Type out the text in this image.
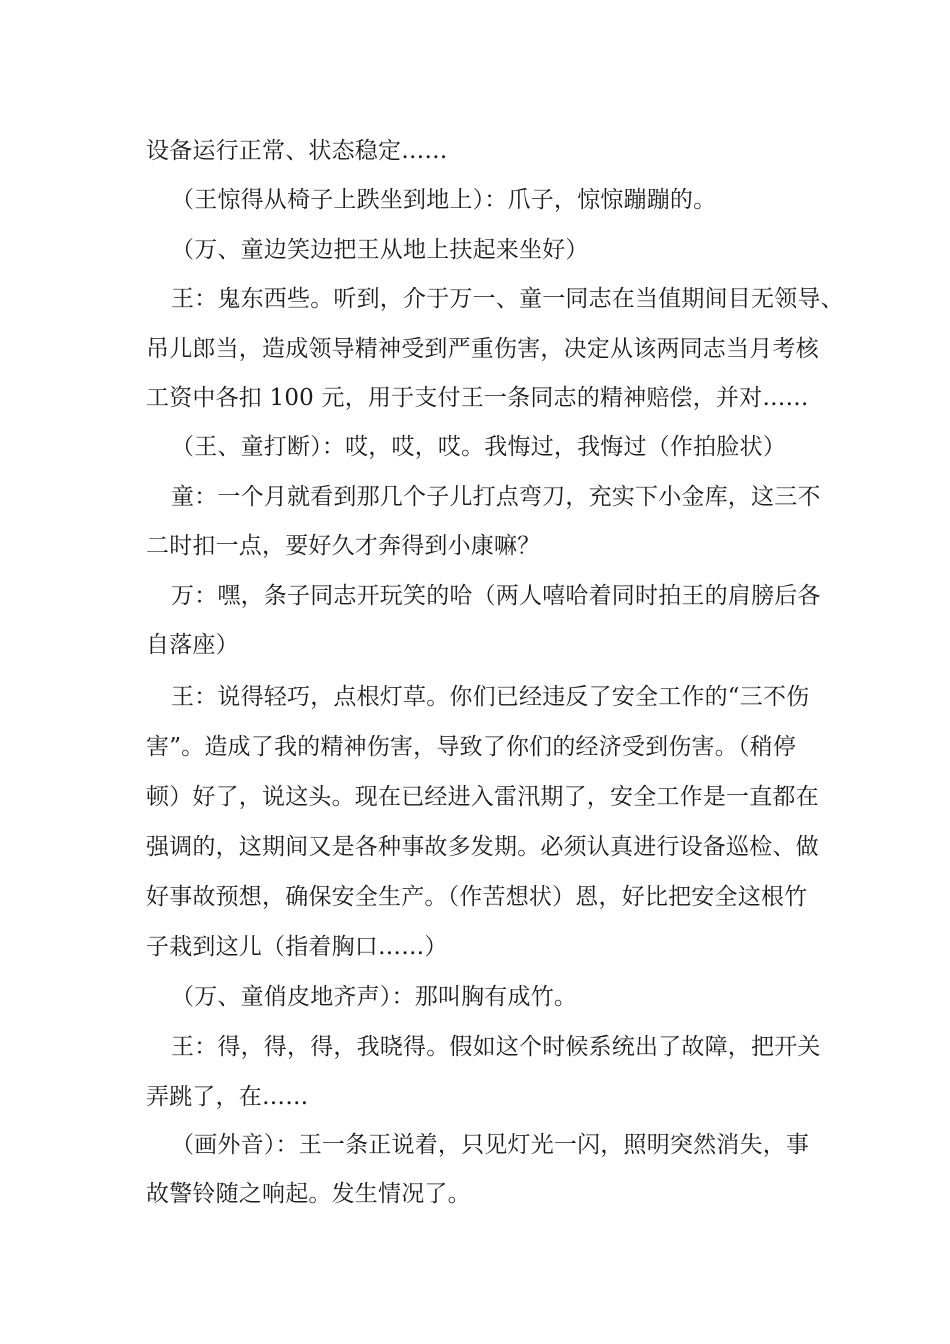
设备运行正常、状态稳定……
（王惊得从椅子上跌坐到地上）：爪子，惊惊蹦蹦的。
（万、童边笑边把王从地上扶起来坐好）
王：鬼东西些。听到，介于万一、童一同志在当值期间目无领导、
吊儿郎当，造成领导精神受到严重伤害，决定从该两同志当月考核
工资中各扣 100 元，用于支付王一条同志的精神赔偿，并对……
（王、童打断）：哎，哎，哎。我悔过，我悔过（作拍脸状）
童：一个月就看到那几个子儿打点弯刀，充实下小金库，这三不
二时扣一点，要好久才奔得到小康嘛？
万：嘿，条子同志开玩笑的哈（两人嘻哈着同时拍王的肩膀后各
自落座）
王：说得轻巧，点根灯草。你们已经违反了安全工作的“三不伤
害”。造成了我的精神伤害，导致了你们的经济受到伤害。（稍停
顿）好了，说这头。现在已经进入雷汛期了，安全工作是一直都在
强调的，这期间又是各种事故多发期。必须认真进行设备巡检、做
好事故预想，确保安全生产。（作苦想状）恩，好比把安全这根竹
子栽到这儿（指着胸口……）
（万、童俏皮地齐声）：那叫胸有成竹。
王：得，得，得，我晓得。假如这个时候系统出了故障，把开关
弄跳了，在……
（画外音）：王一条正说着，只见灯光一闪，照明突然消失，事
故警铃随之响起。发生情况了。
